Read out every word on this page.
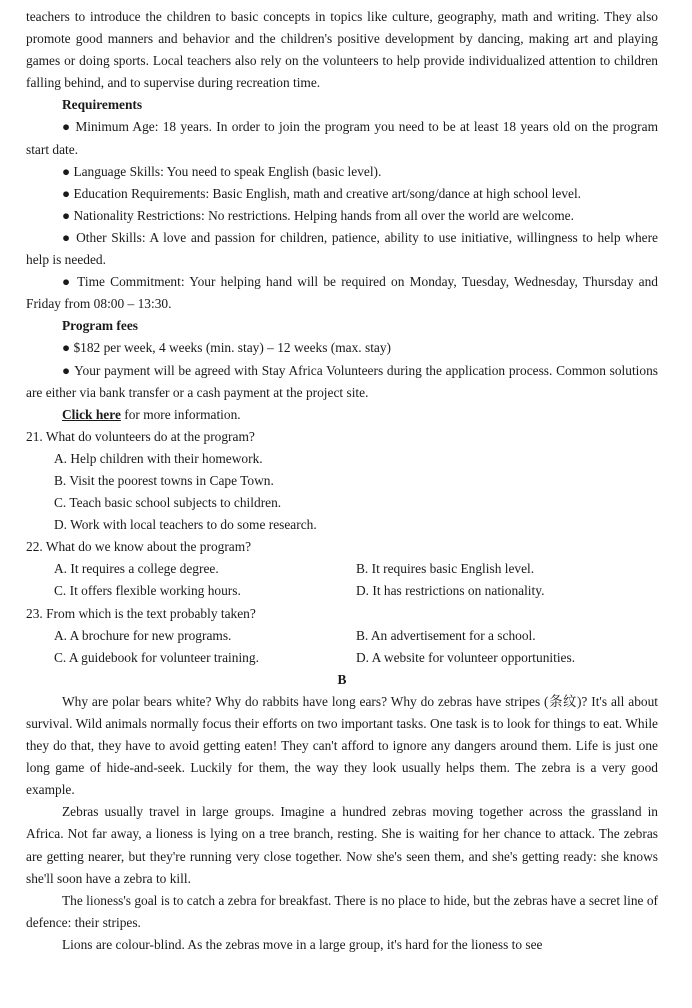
teachers to introduce the children to basic concepts in topics like culture, geography, math and writing. They also promote good manners and behavior and the children's positive development by dancing, making art and playing games or doing sports. Local teachers also rely on the volunteers to help provide individualized attention to children falling behind, and to supervise during recreation time.

Requirements

● Minimum Age: 18 years. In order to join the program you need to be at least 18 years old on the program start date.

● Language Skills: You need to speak English (basic level).

● Education Requirements: Basic English, math and creative art/song/dance at high school level.

● Nationality Restrictions: No restrictions. Helping hands from all over the world are welcome.

● Other Skills: A love and passion for children, patience, ability to use initiative, willingness to help where help is needed.

● Time Commitment: Your helping hand will be required on Monday, Tuesday, Wednesday, Thursday and Friday from 08:00 – 13:30.

Program fees

● $182 per week, 4 weeks (min. stay) – 12 weeks (max. stay)

● Your payment will be agreed with Stay Africa Volunteers during the application process. Common solutions are either via bank transfer or a cash payment at the project site.

Click here for more information.

21. What do volunteers do at the program?

A. Help children with their homework.

B. Visit the poorest towns in Cape Town.

C. Teach basic school subjects to children.

D. Work with local teachers to do some research.

22. What do we know about the program?

A. It requires a college degree.	B. It requires basic English level.
C. It offers flexible working hours.	D. It has restrictions on nationality.

23. From which is the text probably taken?

A. A brochure for new programs.	B. An advertisement for a school.
C. A guidebook for volunteer training.	D. A website for volunteer opportunities.

B

Why are polar bears white? Why do rabbits have long ears? Why do zebras have stripes (条纹)? It's all about survival. Wild animals normally focus their efforts on two important tasks. One task is to look for things to eat. While they do that, they have to avoid getting eaten! They can't afford to ignore any dangers around them. Life is just one long game of hide-and-seek. Luckily for them, the way they look usually helps them. The zebra is a very good example.

Zebras usually travel in large groups. Imagine a hundred zebras moving together across the grassland in Africa. Not far away, a lioness is lying on a tree branch, resting. She is waiting for her chance to attack. The zebras are getting nearer, but they're running very close together. Now she's seen them, and she's getting ready: she knows she'll soon have a zebra to kill.

The lioness's goal is to catch a zebra for breakfast. There is no place to hide, but the zebras have a secret line of defence: their stripes.

Lions are colour-blind. As the zebras move in a large group, it's hard for the lioness to see
